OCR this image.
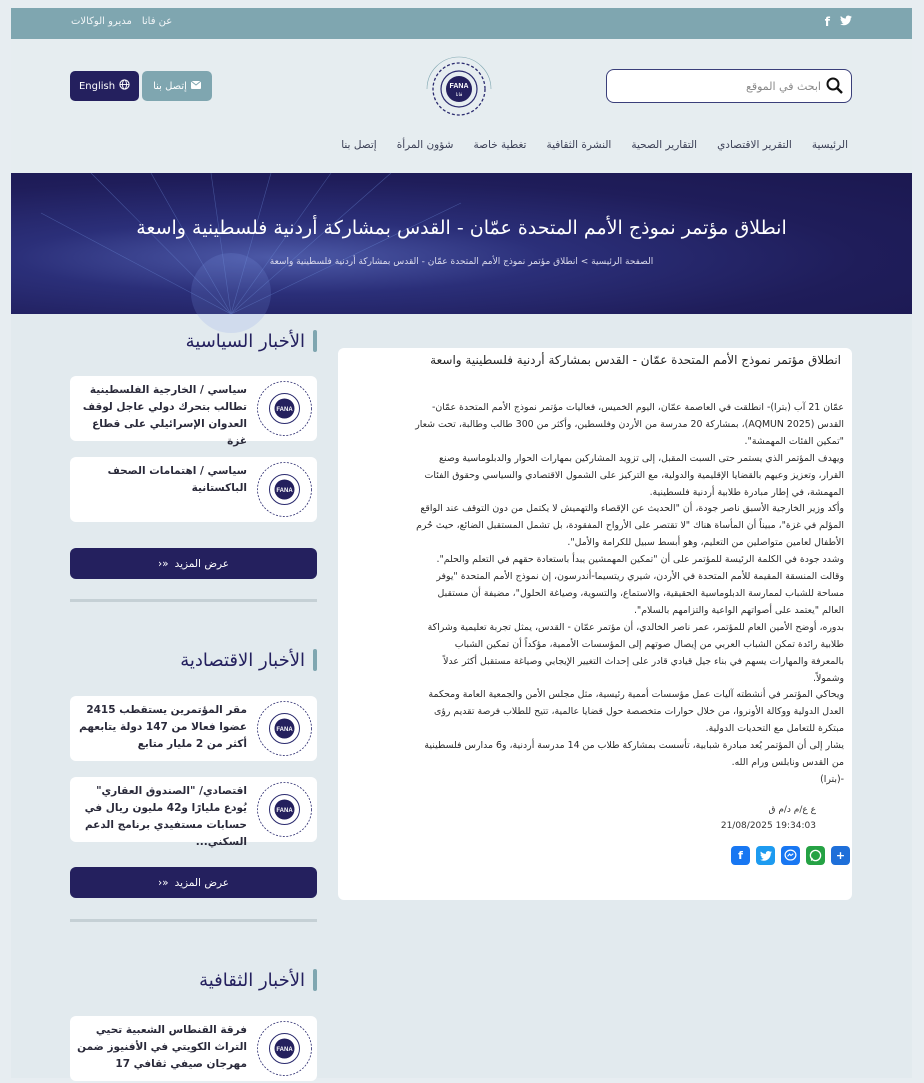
عن فانا
مديرو الوكالات	f
ابحث في الموقع
FANA
فانا
إتصل بنا
English
الرئيسية
التقرير الاقتصادي
التقارير الصحية
النشرة الثقافية
تغطية خاصة
شؤون المرأة
إتصل بنا
انطلاق مؤتمر نموذج الأمم المتحدة عمّان - القدس بمشاركة أردنية فلسطينية واسعة
الصفحة الرئيسية > انطلاق مؤتمر نموذج الأمم المتحدة عمّان - القدس بمشاركة أردنية فلسطينية واسعة
الأخبار السياسية
FANA
سياسي / الخارجية الفلسطينية تطالب بتحرك دولي عاجل لوقف العدوان الإسرائيلي على قطاع غزة
FANA
سياسي / اهتمامات الصحف الباكستانية
عرض المزيد
«‹
الأخبار الاقتصادية
FANA
مقر المؤتمرين يستقطب 2415 عضوا فعالا من 147 دولة يتابعهم أكثر من 2 مليار متابع
FANA
اقتصادي/ "الصندوق العقاري" يُودع مليارًا و42 مليون ريال في حسابات مستفيدي برنامج الدعم السكني...
عرض المزيد
«‹
الأخبار الثقافية
FANA
فرقة القنطاس الشعبية تحيي التراث الكويتي في الأفنيوز ضمن مهرجان صيفي ثقافي 17
انطلاق مؤتمر نموذج الأمم المتحدة عمّان - القدس بمشاركة أردنية فلسطينية واسعة

عمّان 21 آب (بترا)- انطلقت في العاصمة عمّان، اليوم الخميس، فعاليات مؤتمر نموذج الأمم المتحدة عمّان-

القدس (AQMUN 2025)، بمشاركة 20 مدرسة من الأردن وفلسطين، وأكثر من 300 طالب وطالبة، تحت شعار

"تمكين الفئات المهمشة".

ويهدف المؤتمر الذي يستمر حتى السبت المقبل، إلى تزويد المشاركين بمهارات الحوار والدبلوماسية وصنع

القرار، وتعزيز وعيهم بالقضايا الإقليمية والدولية، مع التركيز على الشمول الاقتصادي والسياسي وحقوق الفئات

المهمشة، في إطار مبادرة طلابية أردنية فلسطينية.

وأكد وزير الخارجية الأسبق ناصر جودة، أن "الحديث عن الإقصاء والتهميش لا يكتمل من دون التوقف عند الواقع

المؤلم في غزة"، مبيناً أن المأساة هناك "لا تقتصر على الأرواح المفقودة، بل تشمل المستقبل الضائع، حيث حُرم

الأطفال لعامين متواصلين من التعليم، وهو أبسط سبيل للكرامة والأمل".

وشدد جودة في الكلمة الرئيسة للمؤتمر على أن "تمكين المهمشين يبدأ باستعادة حقهم في التعلم والحلم".

وقالت المنسقة المقيمة للأمم المتحدة في الأردن، شيري ريتسيما-أندرسون، إن نموذج الأمم المتحدة "يوفر

مساحة للشباب لممارسة الدبلوماسية الحقيقية، والاستماع، والتسوية، وصياغة الحلول"، مضيفة أن مستقبل

العالم "يعتمد على أصواتهم الواعية والتزامهم بالسلام".

بدوره، أوضح الأمين العام للمؤتمر، عمر ناصر الخالدي، أن مؤتمر عمّان - القدس، يمثل تجربة تعليمية وشراكة

طلابية رائدة تمكن الشباب العربي من إيصال صوتهم إلى المؤسسات الأممية، مؤكداً أن تمكين الشباب

بالمعرفة والمهارات يسهم في بناء جيل قيادي قادر على إحداث التغيير الإيجابي وصياغة مستقبل أكثر عدلاً

وشمولاً.

ويحاكي المؤتمر في أنشطته آليات عمل مؤسسات أممية رئيسية، مثل مجلس الأمن والجمعية العامة ومحكمة

العدل الدولية ووكالة الأونروا، من خلال حوارات متخصصة حول قضايا عالمية، تتيح للطلاب فرصة تقديم رؤى

مبتكرة للتعامل مع التحديات الدولية.

يشار إلى أن المؤتمر يُعد مبادرة شبابية، تأسست بمشاركة طلاب من 14 مدرسة أردنية، و6 مدارس فلسطينية

من القدس ونابلس ورام الله.

-(بترا)

ع ع/م د/م ق
21/08/2025 19:34:03
+
f
